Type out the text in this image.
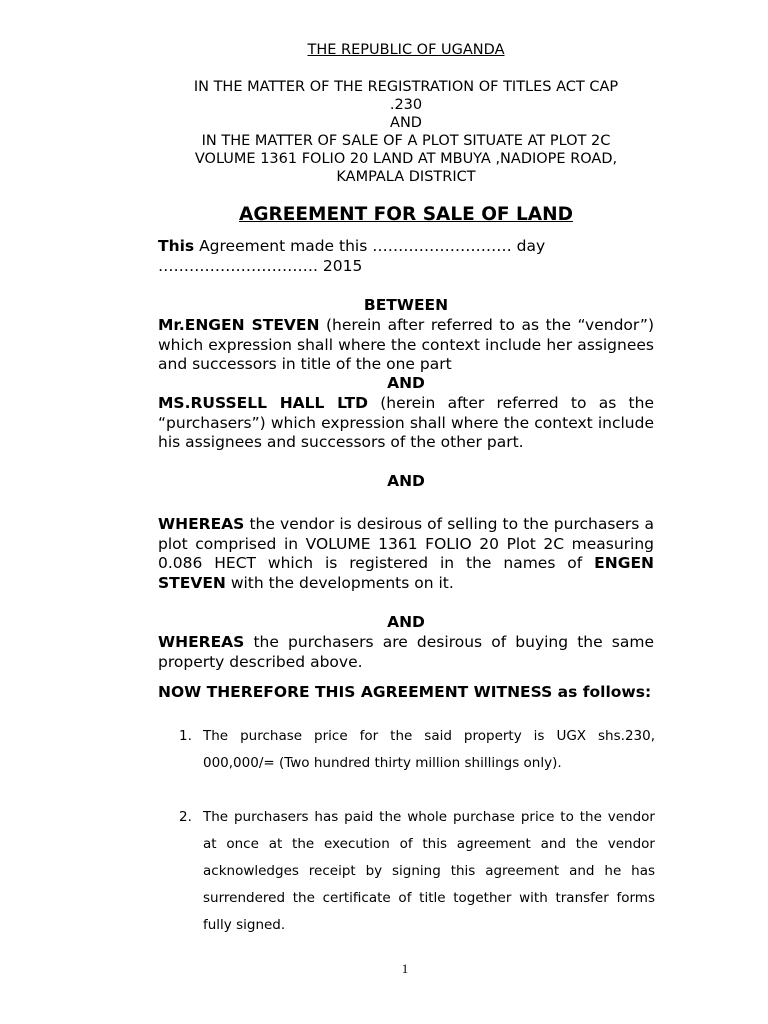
THE REPUBLIC OF UGANDA
IN THE MATTER OF THE REGISTRATION OF TITLES ACT CAP
.230
AND
IN THE MATTER OF SALE OF A PLOT SITUATE AT PLOT 2C
VOLUME 1361 FOLIO 20 LAND AT MBUYA ,NADIOPE ROAD,
KAMPALA DISTRICT
AGREEMENT FOR SALE OF LAND
This Agreement made this ……………………… day
…………………………. 2015
BETWEEN
Mr.ENGEN STEVEN (herein after referred to as the “vendor”) which expression shall where the context include her assignees and successors in title of the one part
AND
MS.RUSSELL HALL LTD (herein after referred to as the “purchasers”) which expression shall where the context include his assignees and successors of the other part.
AND
WHEREAS the vendor is desirous of selling to the purchasers a plot comprised in VOLUME 1361 FOLIO 20 Plot 2C measuring 0.086 HECT which is registered in the names of ENGEN STEVEN with the developments on it.
AND
WHEREAS the purchasers are desirous of buying the same property described above.
NOW THEREFORE THIS AGREEMENT WITNESS as follows:
1. The purchase price for the said property is UGX shs.230, 000,000/= (Two hundred thirty million shillings only).
2. The purchasers has paid the whole purchase price to the vendor at once at the execution of this agreement and the vendor acknowledges receipt by signing this agreement and he has surrendered the certificate of title together with transfer forms fully signed.
1
